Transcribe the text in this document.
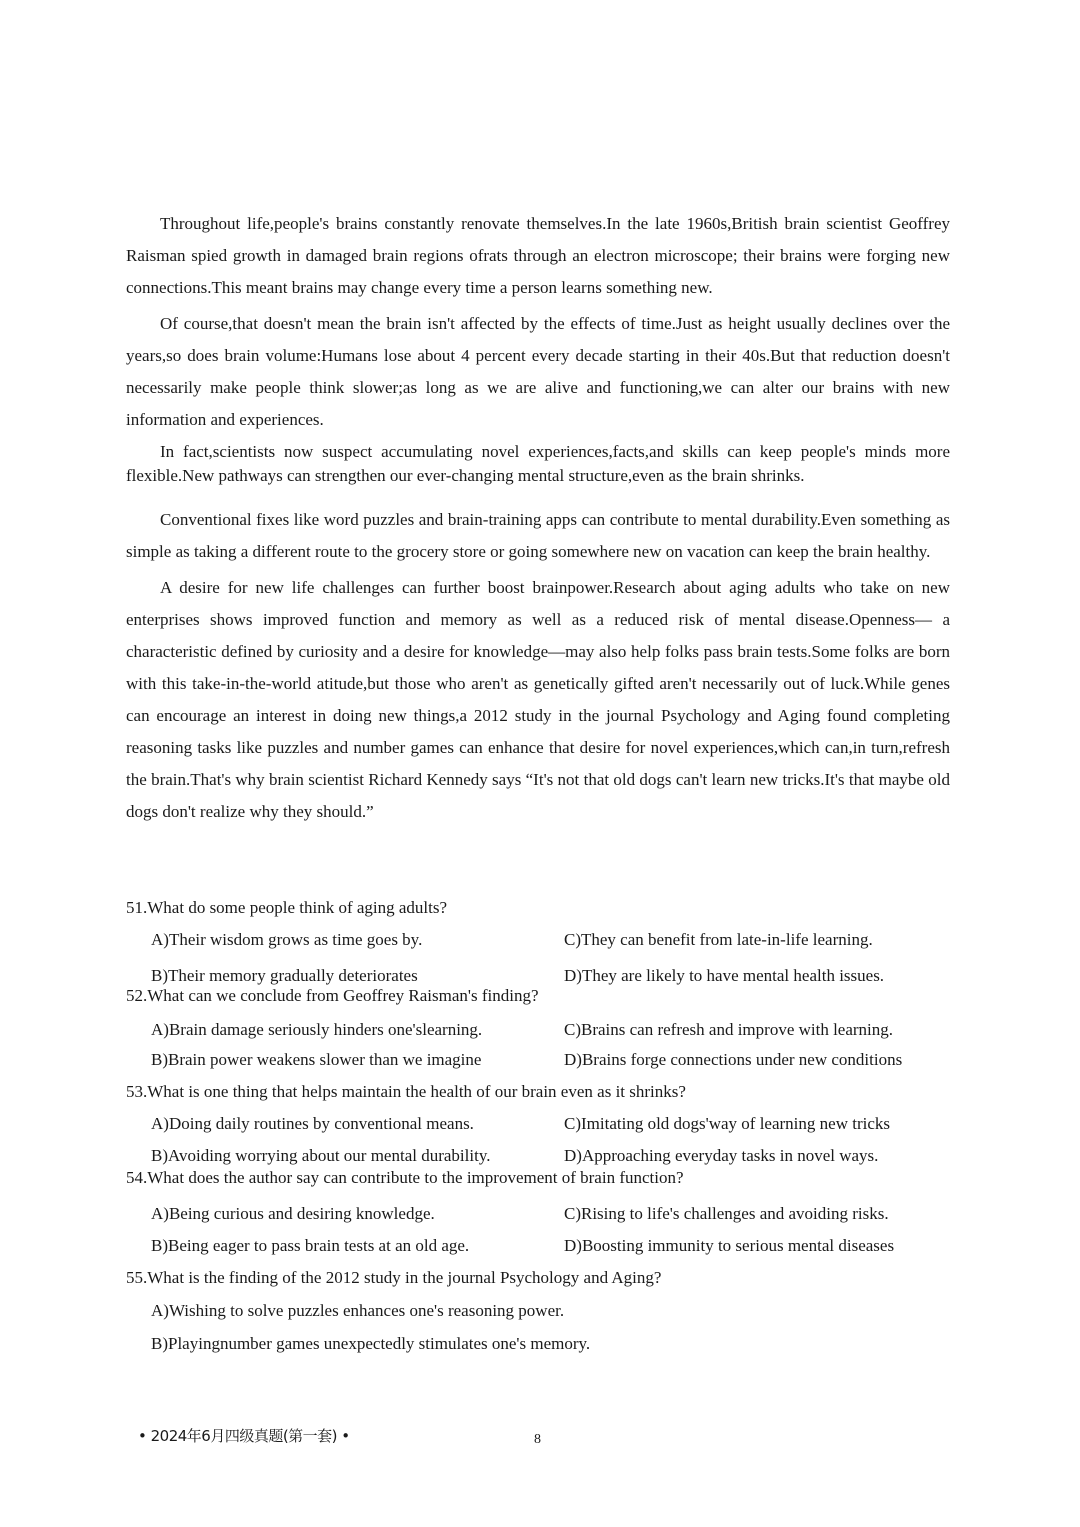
Throughout life,people's brains constantly renovate themselves.In the late 1960s,British brain scientist Geoffrey Raisman spied growth in damaged brain regions ofrats through an electron microscope; their brains were forging new connections.This meant brains may change every time a person learns something new.

Of course,that doesn't mean the brain isn't affected by the effects of time.Just as height usually declines over the years,so does brain volume:Humans lose about 4 percent every decade starting in their 40s.But that reduction doesn't necessarily make people think slower;as long as we are alive and functioning,we can alter our brains with new information and experiences.

In fact,scientists now suspect accumulating novel experiences,facts,and skills can keep people's minds more flexible.New pathways can strengthen our ever-changing mental structure,even as the brain shrinks.

Conventional fixes like word puzzles and brain-training apps can contribute to mental durability.Even something as simple as taking a different route to the grocery store or going somewhere new on vacation can keep the brain healthy.

A desire for new life challenges can further boost brainpower.Research about aging adults who take on new enterprises shows improved function and memory as well as a reduced risk of mental disease.Openness— a characteristic defined by curiosity and a desire for knowledge—may also help folks pass brain tests.Some folks are born with this take-in-the-world atitude,but those who aren't as genetically gifted aren't necessarily out of luck.While genes can encourage an interest in doing new things,a 2012 study in the journal Psychology and Aging found completing reasoning tasks like puzzles and number games can enhance that desire for novel experiences,which can,in turn,refresh the brain.That's why brain scientist Richard Kennedy says “It's not that old dogs can't learn new tricks.It's that maybe old dogs don't realize why they should.”

51.What do some people think of aging adults?
A)Their wisdom grows as time goes by.	C)They can benefit from late-in-life learning.
B)Their memory gradually deteriorates	D)They are likely to have mental health issues.
52.What can we conclude from Geoffrey Raisman's finding?
A)Brain damage seriously hinders one'slearning.	C)Brains can refresh and improve with learning.
B)Brain power weakens slower than we imagine	D)Brains forge connections under new conditions
53.What is one thing that helps maintain the health of our brain even as it shrinks?
A)Doing daily routines by conventional means.	C)Imitating old dogs'way of learning new tricks
B)Avoiding worrying about our mental durability.	D)Approaching everyday tasks in novel ways.
54.What does the author say can contribute to the improvement of brain function?
A)Being curious and desiring knowledge.	C)Rising to life's challenges and avoiding risks.
B)Being eager to pass brain tests at an old age.	D)Boosting immunity to serious mental diseases
55.What is the finding of the 2012 study in the journal Psychology and Aging?
A)Wishing to solve puzzles enhances one's reasoning power.
B)Playingnumber games unexpectedly stimulates one's memory.
• 2024年6月四级真题(第一套) •	8
